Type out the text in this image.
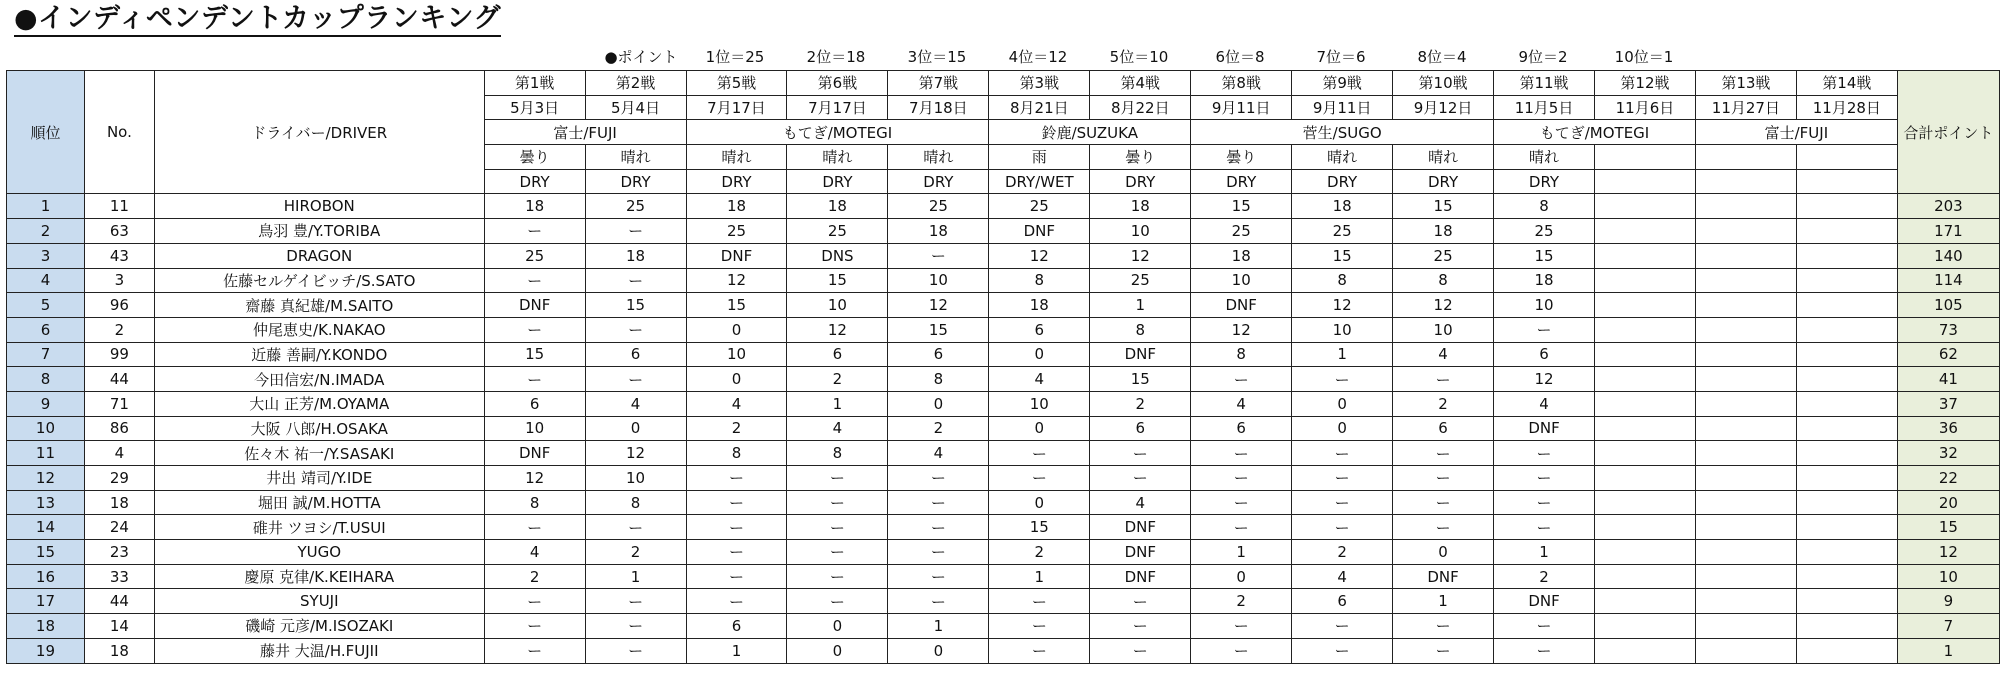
●インディペンデントカップランキング
●ポイント	1位＝25	2位＝18	3位＝15	4位＝12	5位＝10	6位＝8	7位＝6	8位＝4	9位＝2	10位＝1
順位	No.	ドライバー/DRIVER	第1戦	第2戦	第5戦	第6戦	第7戦	第3戦	第4戦	第8戦	第9戦	第10戦	第11戦	第12戦	第13戦	第14戦	合計ポイント
			5月3日	5月4日	7月17日	7月17日	7月18日	8月21日	8月22日	9月11日	9月11日	9月12日	11月5日	11月6日	11月27日	11月28日	
			富士/FUJI		もてぎ/MOTEGI			鈴鹿/SUZUKA		菅生/SUGO			もてぎ/MOTEGI		富士/FUJI		
			曇り	晴れ	晴れ	晴れ	晴れ	雨	曇り	曇り	晴れ	晴れ	晴れ				
			DRY	DRY	DRY	DRY	DRY	DRY/WET	DRY	DRY	DRY	DRY	DRY				
1	11	HIROBON	18	25	18	18	25	25	18	15	18	15	8				203
2	63	鳥羽 豊/Y.TORIBA	ー	ー	25	25	18	DNF	10	25	25	18	25				171
3	43	DRAGON	25	18	DNF	DNS	ー	12	12	18	15	25	15				140
4	3	佐藤セルゲイビッチ/S.SATO	ー	ー	12	15	10	8	25	10	8	8	18				114
5	96	齋藤 真紀雄/M.SAITO	DNF	15	15	10	12	18	1	DNF	12	12	10				105
6	2	仲尾恵史/K.NAKAO	ー	ー	0	12	15	6	8	12	10	10	ー				73
7	99	近藤 善嗣/Y.KONDO	15	6	10	6	6	0	DNF	8	1	4	6				62
8	44	今田信宏/N.IMADA	ー	ー	0	2	8	4	15	ー	ー	ー	12				41
9	71	大山 正芳/M.OYAMA	6	4	4	1	0	10	2	4	0	2	4				37
10	86	大阪 八郎/H.OSAKA	10	0	2	4	2	0	6	6	0	6	DNF				36
11	4	佐々木 祐一/Y.SASAKI	DNF	12	8	8	4	ー	ー	ー	ー	ー	ー				32
12	29	井出 靖司/Y.IDE	12	10	ー	ー	ー	ー	ー	ー	ー	ー	ー				22
13	18	堀田 誠/M.HOTTA	8	8	ー	ー	ー	0	4	ー	ー	ー	ー				20
14	24	碓井 ツヨシ/T.USUI	ー	ー	ー	ー	ー	15	DNF	ー	ー	ー	ー				15
15	23	YUGO	4	2	ー	ー	ー	2	DNF	1	2	0	1				12
16	33	慶原 克律/K.KEIHARA	2	1	ー	ー	ー	1	DNF	0	4	DNF	2				10
17	44	SYUJI	ー	ー	ー	ー	ー	ー	ー	2	6	1	DNF				9
18	14	磯崎 元彦/M.ISOZAKI	ー	ー	6	0	1	ー	ー	ー	ー	ー	ー				7
19	18	藤井 大温/H.FUJII	ー	ー	1	0	0	ー	ー	ー	ー	ー	ー				1
